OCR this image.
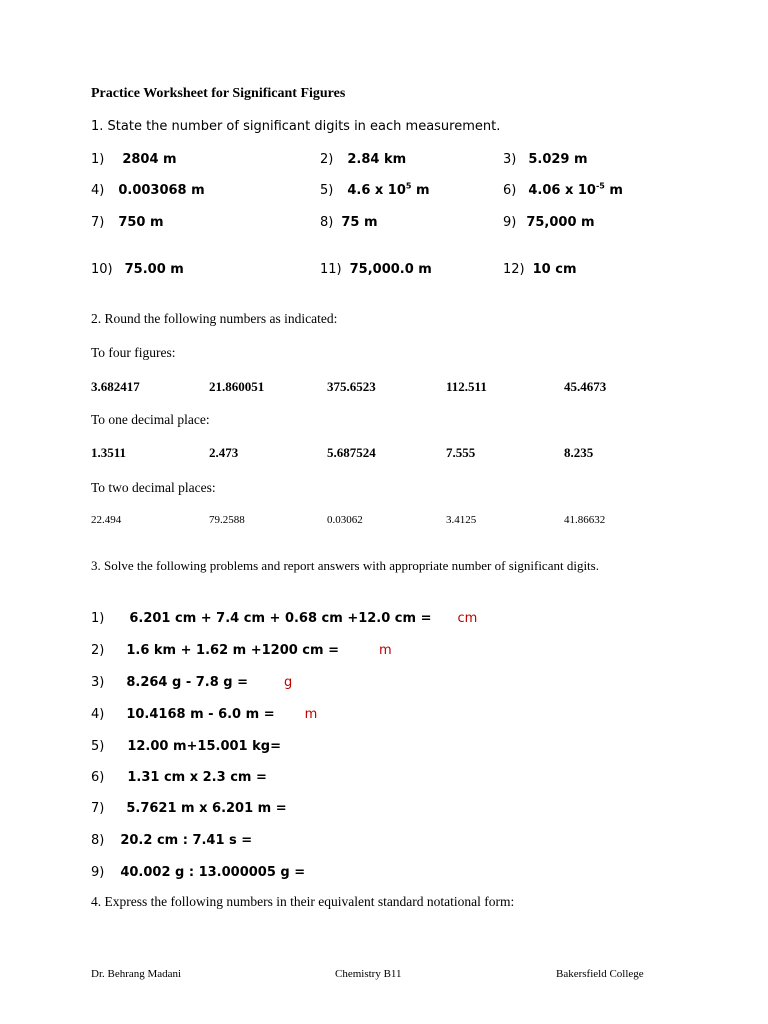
Practice Worksheet for Significant Figures
1. State the number of significant digits in each measurement.
1) 2804 m	2) 2.84 km	3) 5.029 m
4) 0.003068 m	5) 4.6 x $10^5$ m	6) 4.06 x $10^{-5}$ m
7) 750 m	8) 75 m	9) 75,000 m
10) 75.00 m	11) 75,000.0 m	12) 10 cm
2. Round the following numbers as indicated:
To four figures:
3.682417	21.860051	375.6523	112.511	45.4673
To one decimal place:
1.3511	2.473	5.687524	7.555	8.235
To two decimal places:
22.494	79.2588	0.03062	3.4125	41.86632
3. Solve the following problems and report answers with appropriate number of significant digits.
1) 6.201 cm + 7.4 cm + 0.68 cm +12.0 cm = cm
2) 1.6 km + 1.62 m +1200 cm =	m
3) 8.264 g - 7.8 g =	g
4) 10.4168 m - 6.0 m = m
5) 12.00 m+15.001 kg=
6) 1.31 cm x 2.3 cm =
7) 5.7621 m x 6.201 m =
8) 20.2 cm : 7.41 s =
9) 40.002 g : 13.000005 g =
4. Express the following numbers in their equivalent standard notational form:
Dr. Behrang Madani	Chemistry B11	Bakersfield College
